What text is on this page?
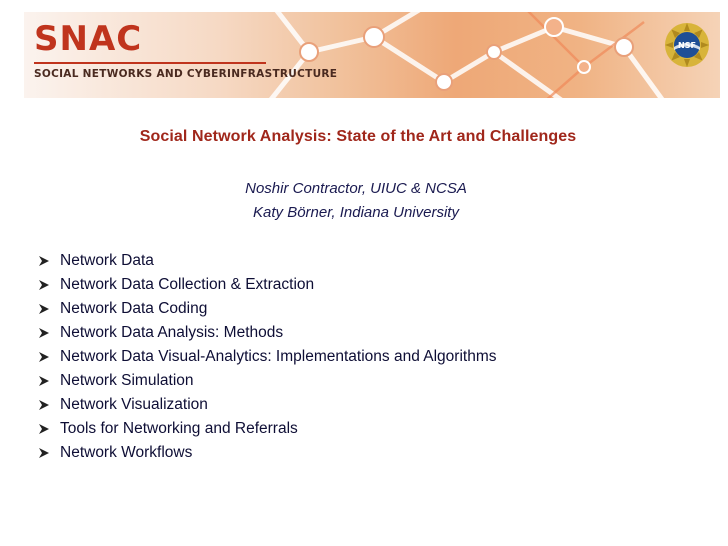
SNAC
SOCIAL NETWORKS AND CYBERINFRASTRUCTURE
NSF
Social Network Analysis: State of the Art and Challenges
Noshir Contractor, UIUC & NCSA
Katy Börner, Indiana University
Network Data
Network Data Collection & Extraction
Network Data Coding
Network Data Analysis: Methods
Network Data Visual-Analytics: Implementations and Algorithms
Network Simulation
Network Visualization
Tools for Networking and Referrals
Network Workflows
